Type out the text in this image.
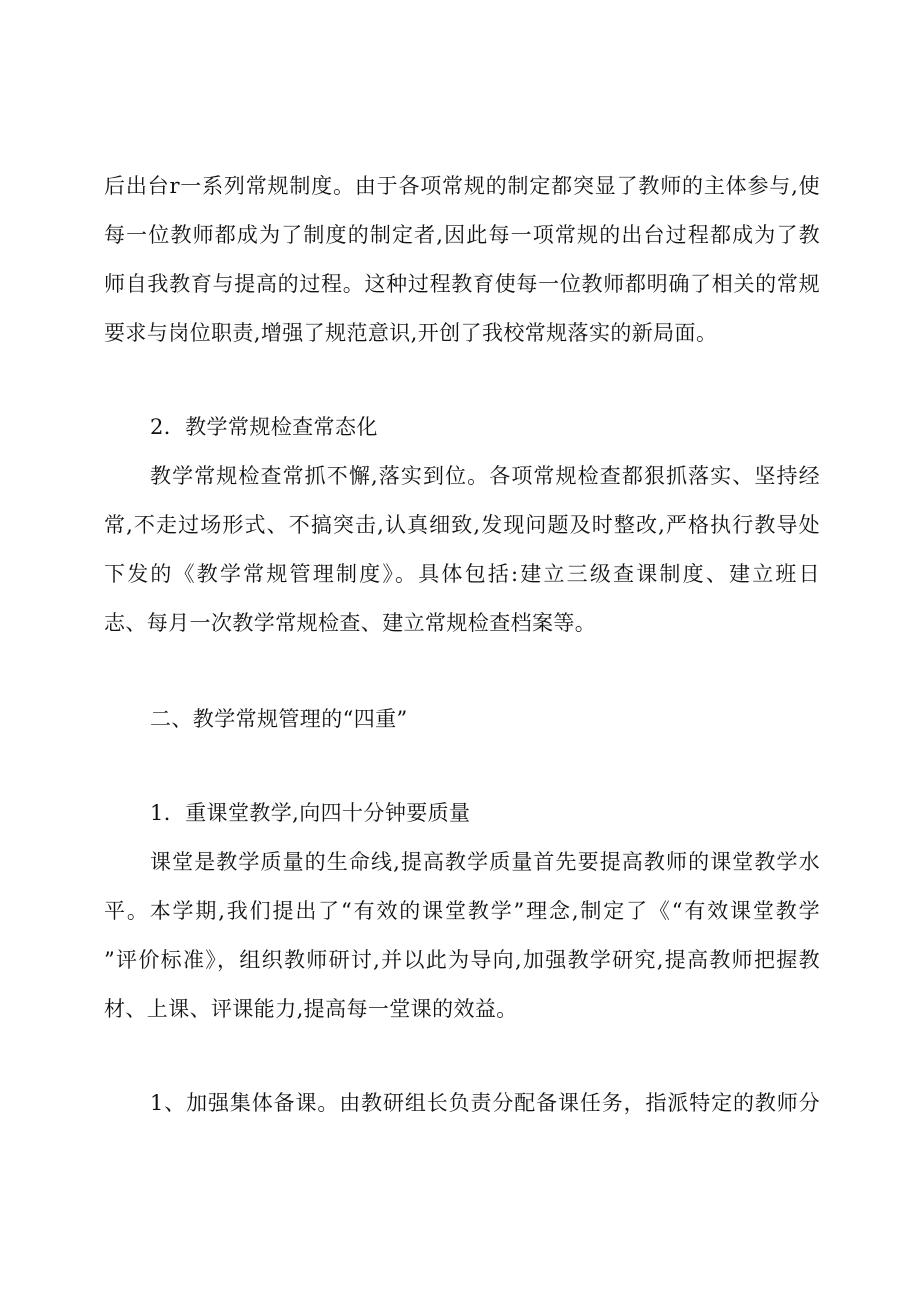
后出台r一系列常规制度。由于各项常规的制定都突显了教师的主体参与,使
每一位教师都成为了制度的制定者,因此每一项常规的出台过程都成为了教
师自我教育与提高的过程。这种过程教育使每一位教师都明确了相关的常规
要求与岗位职责,增强了规范意识,开创了我校常规落实的新局面。
2．教学常规检查常态化
教学常规检查常抓不懈,落实到位。各项常规检查都狠抓落实、坚持经
常,不走过场形式、不搞突击,认真细致,发现问题及时整改,严格执行教导处
下发的《教学常规管理制度》。具体包括:建立三级查课制度、建立班日
志、每月一次教学常规检查、建立常规检查档案等。
二、教学常规管理的“四重”
1．重课堂教学,向四十分钟要质量
课堂是教学质量的生命线,提高教学质量首先要提高教师的课堂教学水
平。本学期,我们提出了“有效的课堂教学”理念,制定了《“有效课堂教学
”评价标准》，组织教师研讨,并以此为导向,加强教学研究,提高教师把握教
材、上课、评课能力,提高每一堂课的效益。
1、加强集体备课。由教研组长负责分配备课任务，指派特定的教师分
